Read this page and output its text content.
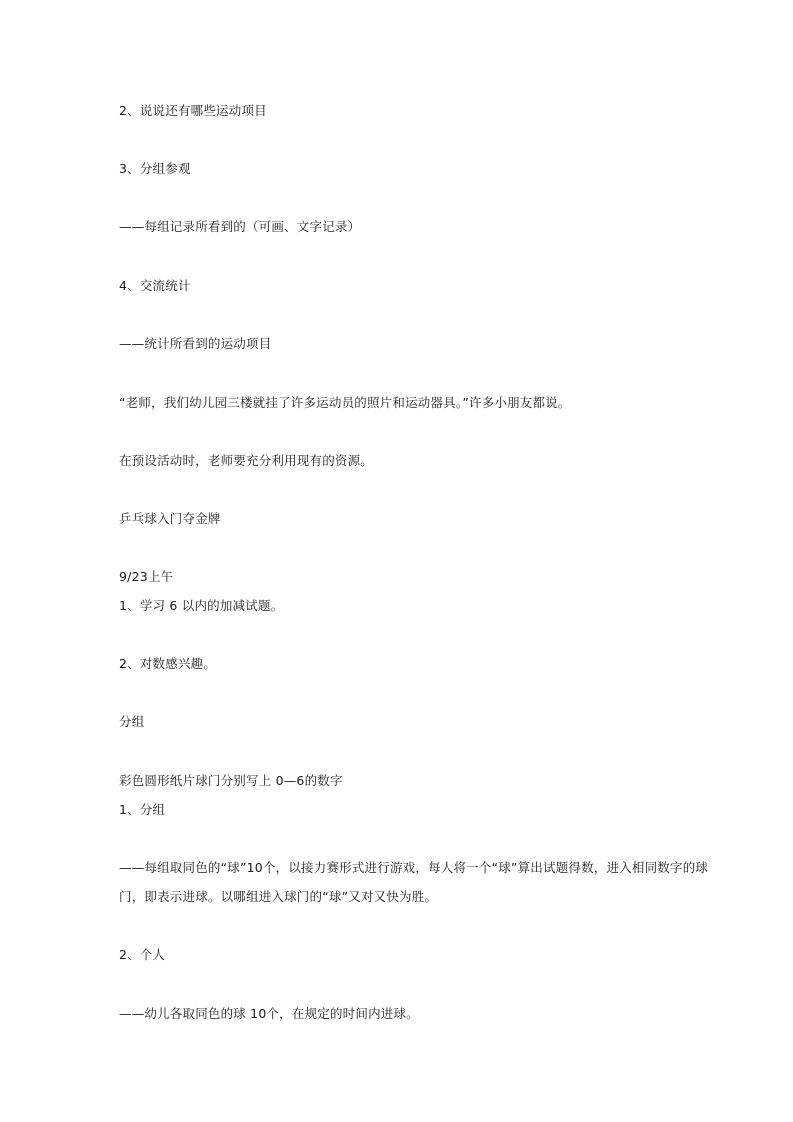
2、说说还有哪些运动项目
3、分组参观
——每组记录所看到的（可画、文字记录）
4、交流统计
——统计所看到的运动项目
“老师，我们幼儿园三楼就挂了许多运动员的照片和运动器具。”许多小朋友都说。
在预设活动时，老师要充分利用现有的资源。
乒乓球入门夺金牌
9/23上午
1、学习 6 以内的加减试题。
2、对数感兴趣。
分组
彩色圆形纸片球门分别写上 0—6的数字
1、分组
——每组取同色的“球”10个，以接力赛形式进行游戏，每人将一个“球”算出试题得数，进入相同数字的球
门，即表示进球。以哪组进入球门的“球”又对又快为胜。
2、个人
——幼儿各取同色的球 10个，在规定的时间内进球。
